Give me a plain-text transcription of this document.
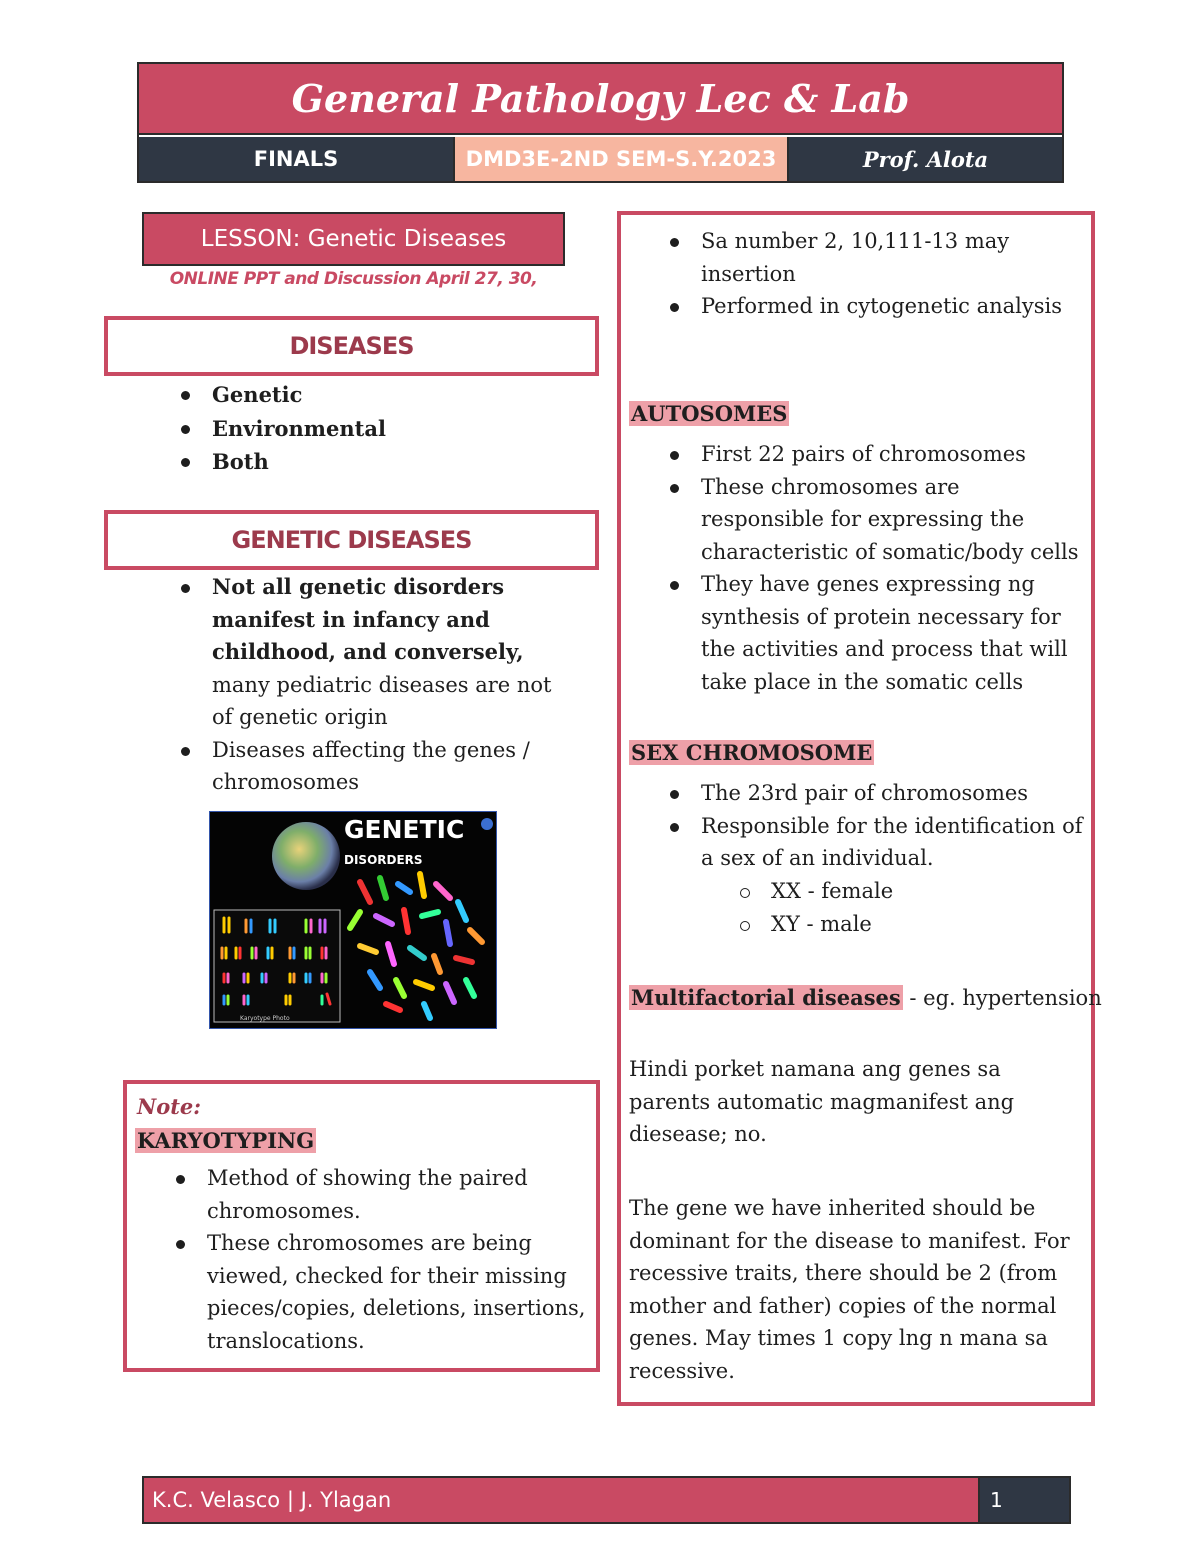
General Pathology Lec & Lab
FINALS	DMD3E-2ND SEM-S.Y.2023	Prof. Alota
LESSON: Genetic Diseases
ONLINE PPT and Discussion April 27, 30,
DISEASES
Genetic
Environmental
Both
GENETIC DISEASES
Not all genetic disorders manifest in infancy and childhood, and conversely, many pediatric diseases are not of genetic origin
Diseases affecting the genes / chromosomes
GENETIC
DISORDERS
Karyotype Photo
Note:
KARYOTYPING
Method of showing the paired chromosomes.
These chromosomes are being viewed, checked for their missing pieces/copies, deletions, insertions, translocations.
Sa number 2, 10,111-13 may insertion
Performed in cytogenetic analysis
AUTOSOMES
First 22 pairs of chromosomes
These chromosomes are responsible for expressing the characteristic of somatic/body cells
They have genes expressing ng synthesis of protein necessary for the activities and process that will take place in the somatic cells
SEX CHROMOSOME
The 23rd pair of chromosomes
Responsible for the identification of a sex of an individual.
XX - female
XY - male
Multifactorial diseases - eg. hypertension
Hindi porket namana ang genes sa parents automatic magmanifest ang diesease; no.
The gene we have inherited should be dominant for the disease to manifest. For recessive traits, there should be 2 (from mother and father) copies of the normal genes. May times 1 copy lng n mana sa recessive.
K.C. Velasco | J. Ylagan	1
